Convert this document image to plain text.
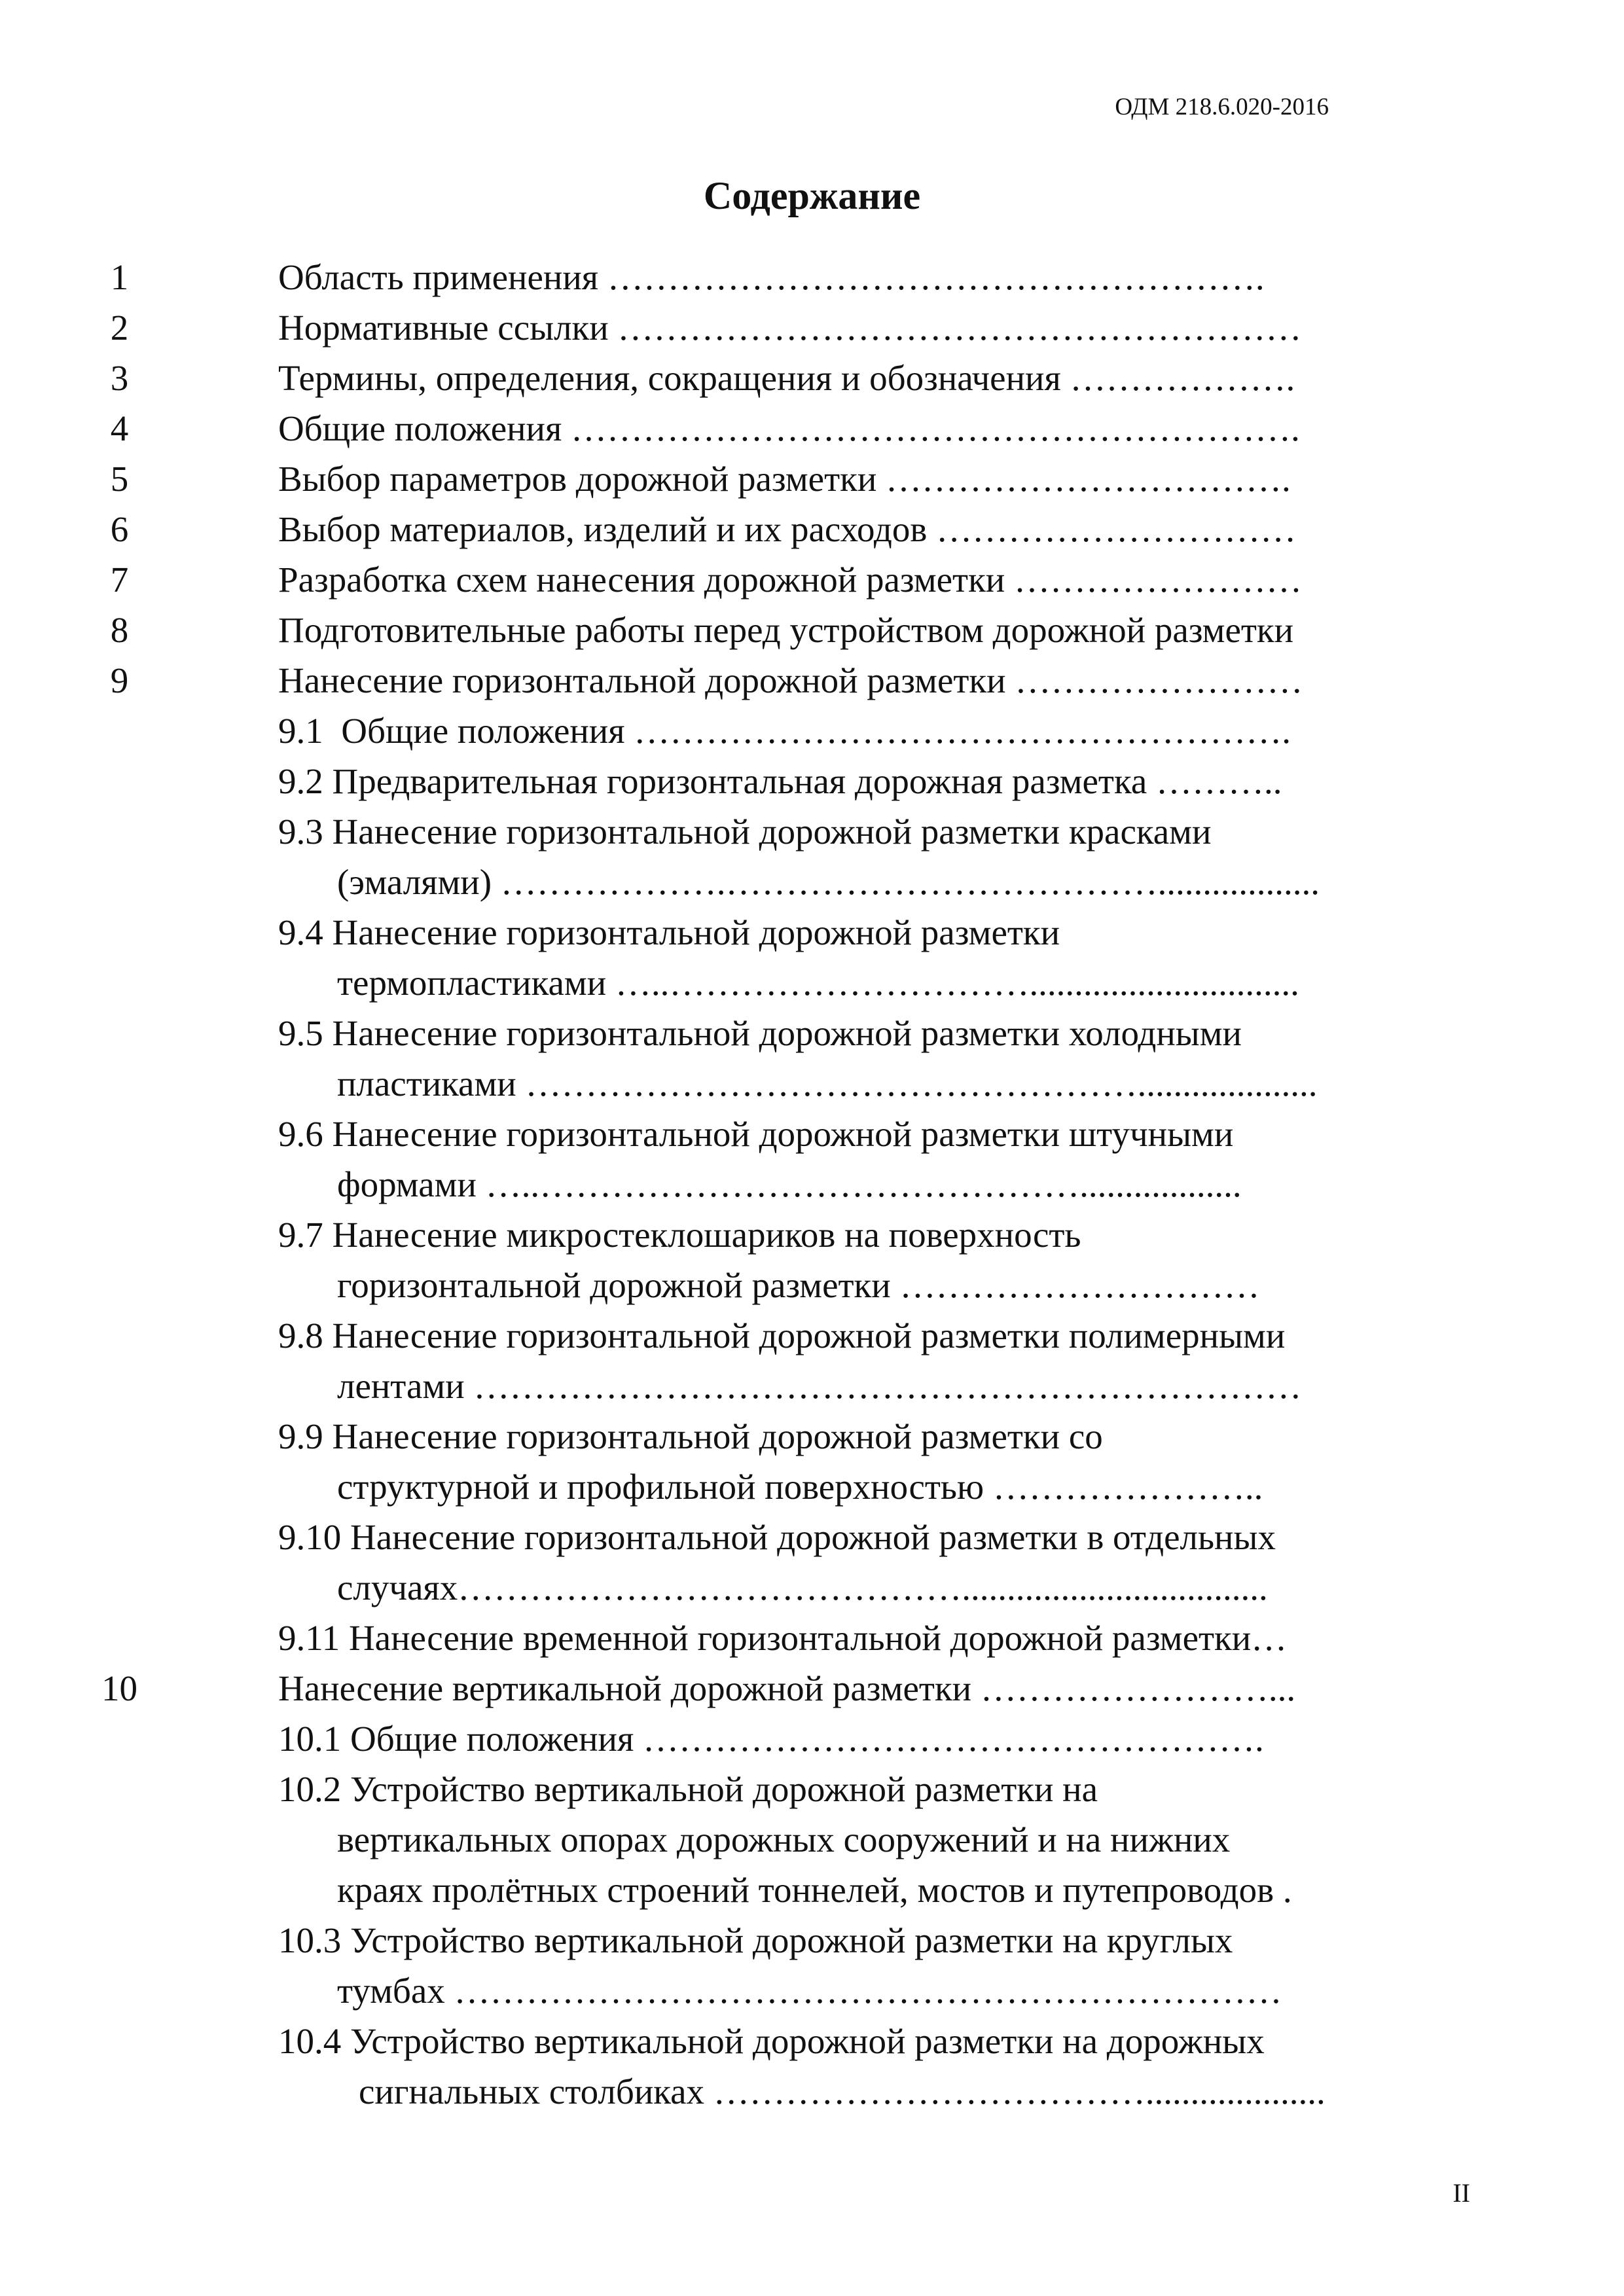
ОДМ 218.6.020-2016
Содержание
1	Область применения ……………………………………………….
2	Нормативные ссылки …………………………………………………
3	Термины, определения, сокращения и обозначения ……………….
4	Общие положения …………………………………………………….
5	Выбор параметров дорожной разметки …………………………….
6	Выбор материалов, изделий и их расходов …………………………
7	Разработка схем нанесения дорожной разметки ……………………
8	Подготовительные работы перед устройством дорожной разметки
9	Нанесение горизонтальной дорожной разметки ……………………
9.1  Общие положения ……………………………………………….
9.2 Предварительная горизонтальная дорожная разметка ………..
9.3 Нанесение горизонтальной дорожной разметки красками
(эмалями) ……………….………………………………..................
9.4 Нанесение горизонтальной дорожной разметки
термопластиками …..…………………………..............................
9.5 Нанесение горизонтальной дорожной разметки холодными
пластиками ……………………………………………....................
9.6 Нанесение горизонтальной дорожной разметки штучными
формами …..………………………………………..................
9.7 Нанесение микростеклошариков на поверхность
горизонтальной дорожной разметки …………………………
9.8 Нанесение горизонтальной дорожной разметки полимерными
лентами ……………………………………………………………
9.9 Нанесение горизонтальной дорожной разметки со
структурной и профильной поверхностью …………………..
9.10 Нанесение горизонтальной дорожной разметки в отдельных
случаях……………………………………..................................
9.11 Нанесение временной горизонтальной дорожной разметки…
10	Нанесение вертикальной дорожной разметки ……………………...
10.1 Общие положения …………………………………………….
10.2 Устройство вертикальной дорожной разметки на
вертикальных опорах дорожных сооружений и на нижних
краях пролётных строений тоннелей, мостов и путепроводов .
10.3 Устройство вертикальной дорожной разметки на круглых
тумбах ……………………………………………………………
10.4 Устройство вертикальной дорожной разметки на дорожных
сигнальных столбиках ………………………………....................
II
